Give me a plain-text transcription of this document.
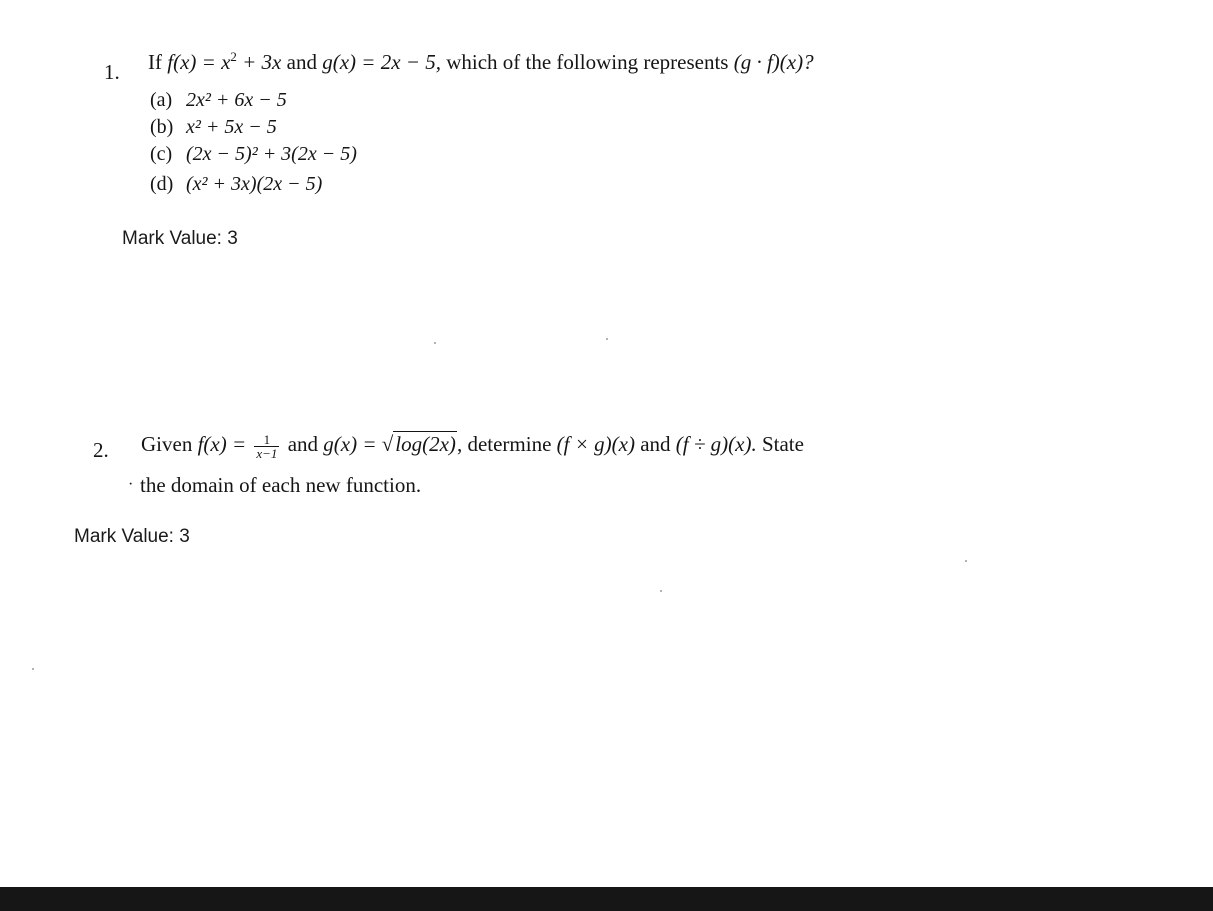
1. If $f(x) = x^2 + 3x$ and g(x) = 2x − 5, which of the following represents (g · f)(x)?
(a) 2x² + 6x − 5
(b) x² + 5x − 5
(c) (2x − 5)² + 3(2x − 5)
(d) (x² + 3x)(2x − 5)
Mark Value: 3
2. Given $f(x) = \frac{1}{x-1}$ and g(x) = √log(2x), determine (f × g)(x) and (f ÷ g)(x). State
· the domain of each new function.
Mark Value: 3
